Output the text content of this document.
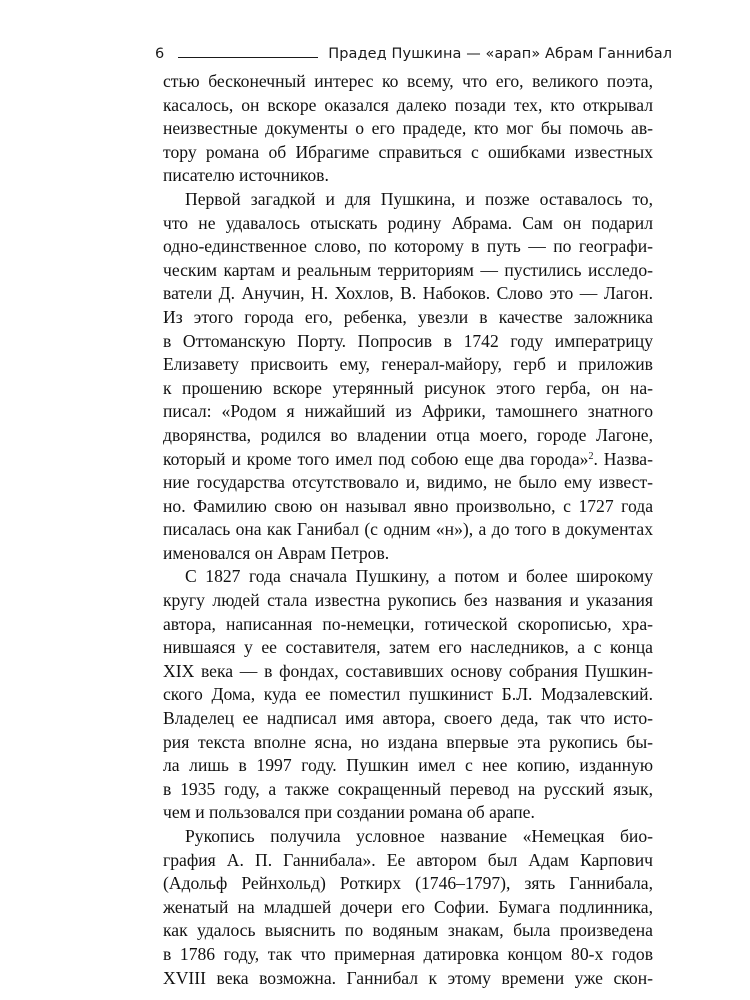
6	Прадед Пушкина — «арап» Абрам Ганнибал

стью бесконечный интерес ко всему, что его, великого поэта,
касалось, он вскоре оказался далеко позади тех, кто открывал
неизвестные документы о его прадеде, кто мог бы помочь ав-
тору романа об Ибрагиме справиться с ошибками известных
писателю источников.

Первой загадкой и для Пушкина, и позже оставалось то,
что не удавалось отыскать родину Абрама. Сам он подарил
одно-единственное слово, по которому в путь — по географи-
ческим картам и реальным территориям — пустились исследо-
ватели Д. Анучин, Н. Хохлов, В. Набоков. Слово это — Лагон.
Из этого города его, ребенка, увезли в качестве заложника
в Оттоманскую Порту. Попросив в 1742 году императрицу
Елизавету присвоить ему, генерал-майору, герб и приложив
к прошению вскоре утерянный рисунок этого герба, он на-
писал: «Родом я нижайший из Африки, тамошнего знатного
дворянства, родился во владении отца моего, городе Лагоне,
который и кроме того имел под собою еще два города»$^2$. Назва-
ние государства отсутствовало и, видимо, не было ему извест-
но. Фамилию свою он называл явно произвольно, с 1727 года
писалась она как Ганибал (с одним «н»), а до того в документах
именовался он Аврам Петров.

С 1827 года сначала Пушкину, а потом и более широкому
кругу людей стала известна рукопись без названия и указания
автора, написанная по-немецки, готической скорописью, хра-
нившаяся у ее составителя, затем его наследников, а с конца
XIX века — в фондах, составивших основу собрания Пушкин-
ского Дома, куда ее поместил пушкинист Б.Л. Модзалевский.
Владелец ее надписал имя автора, своего деда, так что исто-
рия текста вполне ясна, но издана впервые эта рукопись бы-
ла лишь в 1997 году. Пушкин имел с нее копию, изданную
в 1935 году, а также сокращенный перевод на русский язык,
чем и пользовался при создании романа об арапе.

Рукопись получила условное название «Немецкая био-
графия А. П. Ганнибала». Ее автором был Адам Карпович
(Адольф Рейнхольд) Роткирх (1746–1797), зять Ганнибала,
женатый на младшей дочери его Софии. Бумага подлинника,
как удалось выяснить по водяным знакам, была произведена
в 1786 году, так что примерная датировка концом 80-х годов
XVIII века возможна. Ганнибал к этому времени уже скон-
